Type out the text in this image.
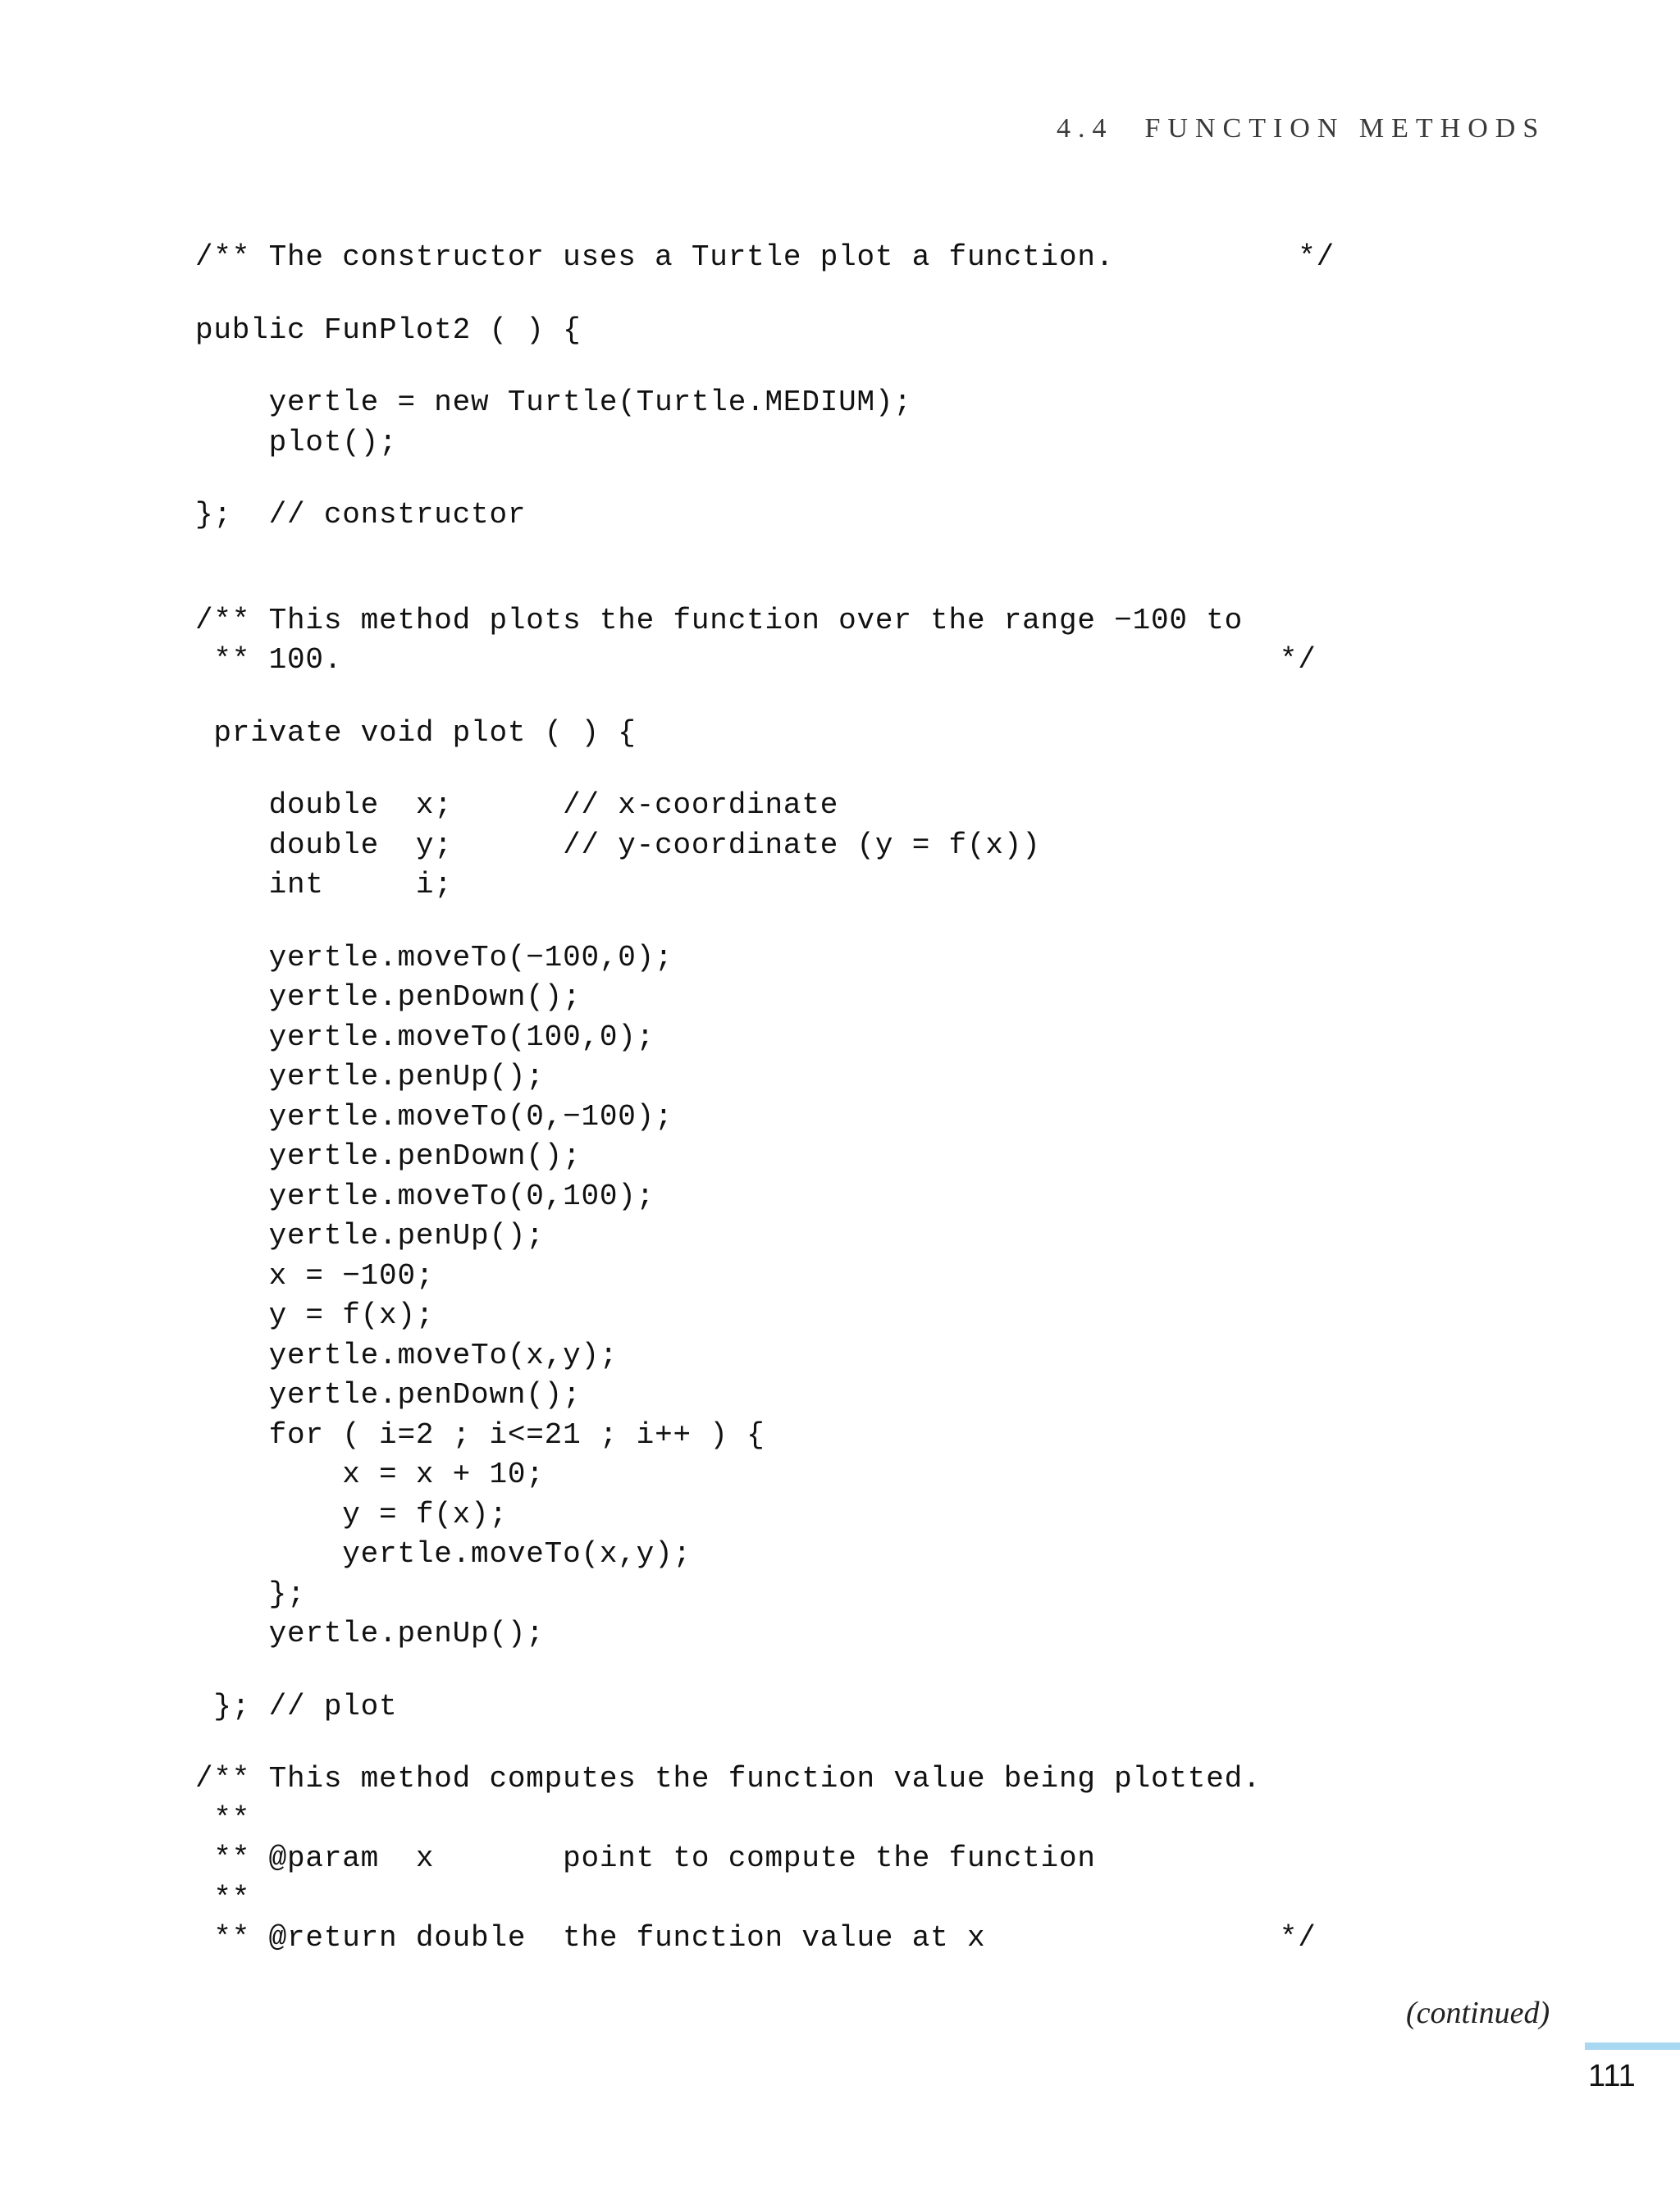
4.4 FUNCTION METHODS
/** The constructor uses a Turtle plot a function.          */
public FunPlot2 ( ) {
yertle = new Turtle(Turtle.MEDIUM);
plot();
};  // constructor
/** This method plots the function over the range −100 to
** 100.                                                   */
private void plot ( ) {
double  x;      // x-coordinate
double  y;      // y-coordinate (y = f(x))
int     i;
yertle.moveTo(−100,0);
yertle.penDown();
yertle.moveTo(100,0);
yertle.penUp();
yertle.moveTo(0,−100);
yertle.penDown();
yertle.moveTo(0,100);
yertle.penUp();
x = −100;
y = f(x);
yertle.moveTo(x,y);
yertle.penDown();
for ( i=2 ; i<=21 ; i++ ) {
x = x + 10;
y = f(x);
yertle.moveTo(x,y);
};
yertle.penUp();
}; // plot
/** This method computes the function value being plotted.
**
** @param  x       point to compute the function
**
** @return double  the function value at x                */
(continued)
111
